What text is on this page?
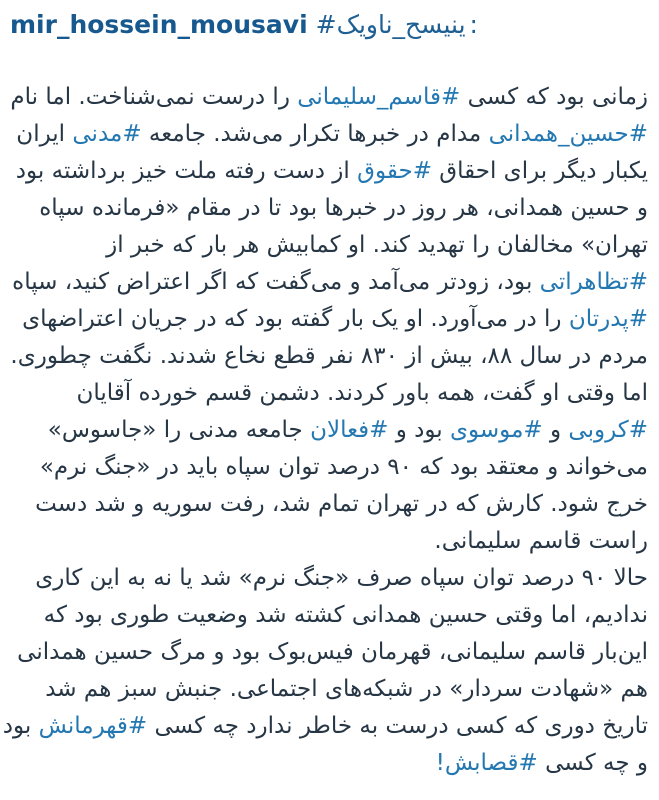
mir_hossein_mousavi #کیوان_حسینی :
زمانی بود که کسی #قاسم_سلیمانی را درست نمی‌شناخت. اما نام
#حسین_همدانی مدام در خبرها تکرار می‌شد. جامعه #مدنی ایران
یکبار دیگر برای احقاق #حقوق از دست رفته ملت خیز برداشته بود
و حسین همدانی، هر روز در خبرها بود تا در مقام «فرمانده سپاه
تهران» مخالفان را تهدید کند. او کمابیش هر بار که خبر از
#تظاهراتی بود، زودتر می‌آمد و می‌گفت که اگر اعتراض کنید، سپاه
#پدرتان را در می‌آورد. او یک بار گفته بود که در جریان اعتراضهای
مردم در سال ۸۸، بیش از ۸۳۰ نفر قطع نخاع شدند. نگفت چطوری.
اما وقتی او گفت، همه باور کردند. دشمن قسم خورده آقایان
#کروبی و #موسوی بود و #فعالان جامعه مدنی را «جاسوس»
می‌خواند و معتقد بود که ۹۰ درصد توان سپاه باید در «جنگ نرم»
خرج شود. کارش که در تهران تمام شد، رفت سوریه و شد دست
راست قاسم سلیمانی.
حالا ۹۰ درصد توان سپاه صرف «جنگ نرم» شد یا نه به این کاری
ندادیم، اما وقتی حسین همدانی کشته شد وضعیت طوری بود که
این‌بار قاسم سلیمانی، قهرمان فیس‌بوک بود و مرگ حسین همدانی
هم «شهادت سردار» در شبکه‌های اجتماعی. جنبش سبز هم شد
تاریخ دوری که کسی درست به خاطر ندارد چه کسی #قهرمانش بود
و چه کسی #قصابش!
